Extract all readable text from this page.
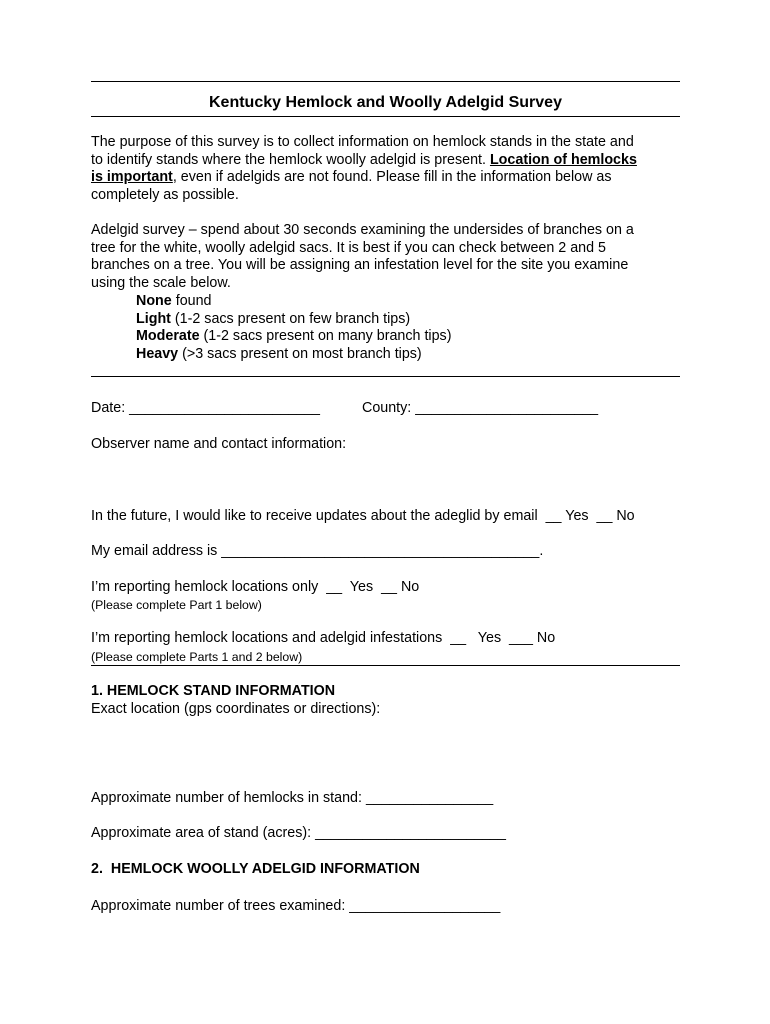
Kentucky Hemlock and Woolly Adelgid Survey
The purpose of this survey is to collect information on hemlock stands in the state and
to identify stands where the hemlock woolly adelgid is present. Location of hemlocks
is important, even if adelgids are not found. Please fill in the information below as
completely as possible.
Adelgid survey – spend about 30 seconds examining the undersides of branches on a
tree for the white, woolly adelgid sacs. It is best if you can check between 2 and 5
branches on a tree. You will be assigning an infestation level for the site you examine
using the scale below.
None found
Light (1-2 sacs present on few branch tips)
Moderate (1-2 sacs present on many branch tips)
Heavy (>3 sacs present on most branch tips)
Date: ________________________	County: _______________________
Observer name and contact information:
In the future, I would like to receive updates about the adeglid by email  __ Yes  __ No
My email address is ________________________________________.
I’m reporting hemlock locations only  __  Yes  __ No
(Please complete Part 1 below)
I’m reporting hemlock locations and adelgid infestations  __   Yes  ___ No
(Please complete Parts 1 and 2 below)
1. HEMLOCK STAND INFORMATION
Exact location (gps coordinates or directions):
Approximate number of hemlocks in stand: ________________
Approximate area of stand (acres): ________________________
2.  HEMLOCK WOOLLY ADELGID INFORMATION
Approximate number of trees examined: ___________________
